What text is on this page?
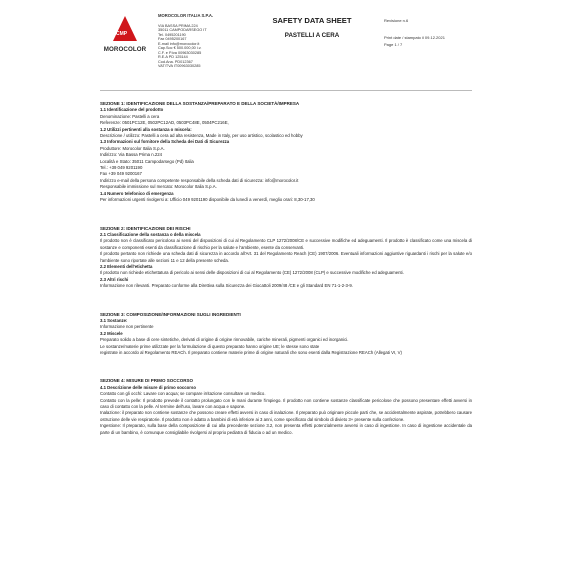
CMP
MOROCOLOR
MOROCOLOR ITALIA S.P.A.
VIA BASSA PRIMA 224
35011 CAMPODARSEGO IT
Tel. 0495201190
Fax 0495200167
E-mail info@morocolor.it
Cap.Soc € 500.000,00 i.v.
C.F. e P.iva 00963030285
R.E.A PD 125144
Cod.Ana. PD012367
VAT/TVA IT00963030285
SAFETY DATA SHEET
PASTELLI A CERA
Revisione n.6
Print date / stampato il 09.12.2021
Page 1 / 7

SEZIONE 1: IDENTIFICAZIONE DELLA SOSTANZA/PREPARATO E DELLA SOCIETÀ/IMPRESA

1.1 Identificazione del prodotto

Denominazione: Pastelli a cera

Referenze: 0501PC12E, 0502PC12AD, 0503PC48E, 0504PC216E,

1.2 Utilizzi pertinenti alla sostanza o miscela:

Descrizione / utilizzo: Pastelli a cera ad alta resistenza, Made in Italy, per uso artistico, scolastico ed hobby

1.3 Informazioni sul fornitore della Scheda dei Dati di Sicurezza

Produttore: Morocolor Italia S.p.A.

Indirizzo: Via Bassa Prima n.224

Località e Stato: 35011 Campodarsego (Pd) Italia

Tel.: +39 049 9201190

Fax +39 049 9200167

Indirizzo e-mail della persona competente responsabile della scheda dati di sicurezza: info@morocolor.it

Responsabile immissione sul mercato: Morocolor Italia S.p.A.

1.4 Numero telefonico di emergenza

Per informazioni urgenti rivolgersi a: Ufficio 049 9201190 disponibile da lunedì a venerdì, meglio orari: 8,30-17,30

SEZIONE 2: IDENTIFICAZIONE DEI RISCHI

2.1 Classificazione della sostanza o della miscela

Il prodotto non è classificato pericoloso ai sensi del disposizioni di cui al Regolamento CLP 1272/2008/CE e successive modifiche ed adeguamenti. Il prodotto è classificato come una miscela di sostanze e componenti esenti da classificazione di rischio per la salute e l'ambiente, esente da conservanti.

Il prodotto pertanto non richiede una scheda dati di sicurezza in accordo all'Art. 31 del Regolamento Reach (CE) 1907/2006. Eventuali informazioni aggiuntive riguardanti i rischi per la salute e/o l'ambiente sono riportate alle sezioni 11 e 12 della presente scheda.

2.2 Elementi dell'etichetta

Il prodotto non richiede etichettatura di pericolo ai sensi delle disposizioni di cui al Regolamento (CE) 1272/2008 (CLP) e successive modifiche ed adeguamenti.

2.3 Altri rischi

Informazione non rilevanti. Preparato conforme alla Direttiva sulla Sicurezza dei Giocattoli 2009/48 /CE e gli Standard EN 71-1-2-3-9.

SEZIONE 3: COMPOSIZIONE/INFORMAZIONI SUGLI INGREDIENTI

3.1 Sostanze:

Informazione non pertinente

3.2 Miscele

Preparato solido a base di cere sintetiche, derivati di origine di origine rinnovabile, cariche minerali, pigmenti organici ed inorganici.

Le sostanze/materie prime utilizzate per la formulazione di questo preparato hanno origine UE; le stesse sono state

registrate in accordo al Regolamento REACh. Il preparato contiene materie prime di origine naturali che sono esenti dalla Registrazione REACh (Allegati VI, V)

SEZIONE 4: MISURE DI PRIMO SOCCORSO

4.1 Descrizione delle misure di primo soccorso

Contatto con gli occhi: Lavare con acqua; se compare irritazione consultare un medico.

Contatto con la pelle: Il prodotto prevede il contatto prolungato con le mani durante l'impiego. Il prodotto non contiene sostanze classificate pericolose che possono presentare effetti avversi in caso di contatto con la pelle. Al termine dell'uso, lavare con acqua e sapone.

Inalazione: il preparato non contiene sostanze che possono creare effetti avversi in caso di inalazione. Il preparato può originare piccole parti che, se accidentalmente aspirate, potrebbero causare ostruzione delle vie respiratorie. Il prodotto non è adatto a bambini di età inferiore ai 3 anni, come specificato dal simbolo di divieto 3+ presente sulla confezione.

Ingestione: Il preparato, sulla base della composizione di cui alla precedente sezione 3.2, non presenta effetti potenzialmente avversi in caso di ingestione. In caso di ingestione accidentale da parte di un bambino, è comunque consigliabile rivolgersi al proprio pediatra di fiducia o ad un medico.
